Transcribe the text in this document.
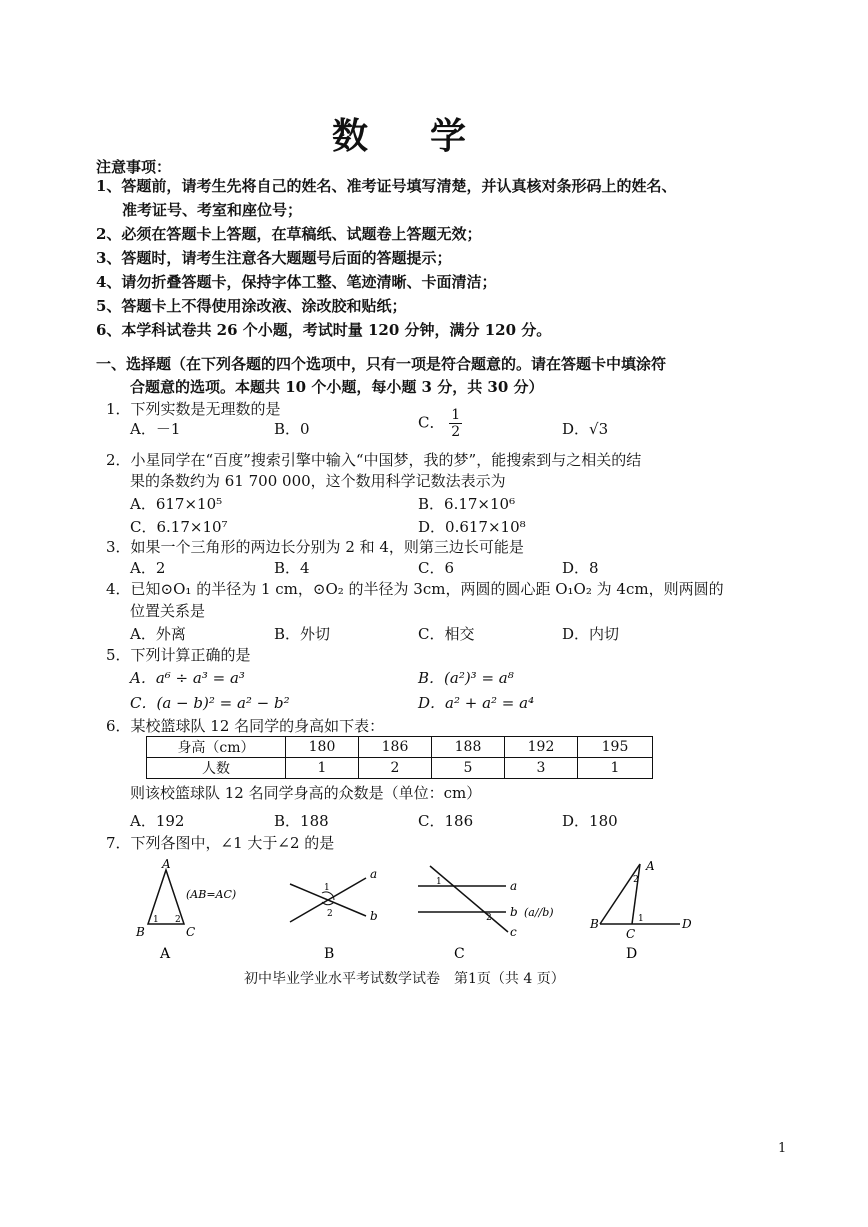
数 学
注意事项：
1、答题前，请考生先将自己的姓名、准考证号填写清楚，并认真核对条形码上的姓名、
准考证号、考室和座位号；
2、必须在答题卡上答题，在草稿纸、试题卷上答题无效；
3、答题时，请考生注意各大题题号后面的答题提示；
4、请勿折叠答题卡，保持字体工整、笔迹清晰、卡面清洁；
5、答题卡上不得使用涂改液、涂改胶和贴纸；
6、本学科试卷共 26 个小题，考试时量 120 分钟，满分 120 分。
一、选择题（在下列各题的四个选项中，只有一项是符合题意的。请在答题卡中填涂符
合题意的选项。本题共 10 个小题，每小题 3 分，共 30 分）
1．下列实数是无理数的是
A．－1	B．0	C． $\frac{1}{2}$	D．√3
2．小星同学在“百度”搜索引擎中输入“中国梦，我的梦”，能搜索到与之相关的结
果的条数约为 61 700 000，这个数用科学记数法表示为
A．617×10⁵	B．6.17×10⁶
C．6.17×10⁷	D．0.617×10⁸
3．如果一个三角形的两边长分别为 2 和 4，则第三边长可能是
A．2	B．4	C．6	D．8
4．已知⊙O₁ 的半径为 1 cm，⊙O₂ 的半径为 3cm，两圆的圆心距 O₁O₂ 为 4cm，则两圆的
位置关系是
A．外离	B．外切	C．相交	D．内切
5．下列计算正确的是
A．a⁶ ÷ a³ = a³	B．(a²)³ = a⁸
C．(a − b)² = a² − b²	D．a² + a² = a⁴
6．某校篮球队 12 名同学的身高如下表：
身高（cm）	180	186	188	192	195
人数	1	2	5	3	1
则该校篮球队 12 名同学身高的众数是（单位：cm）
A．192	B．188	C．186	D．180
7．下列各图中，∠1 大于∠2 的是
A
B	C
1 2
(AB=AC)
A
a
b
1
2
B
a
b
c
1
2	(a//b)
C
A
B
C
D
1
2
D
初中毕业学业水平考试数学试卷　第1页（共 4 页）
1
